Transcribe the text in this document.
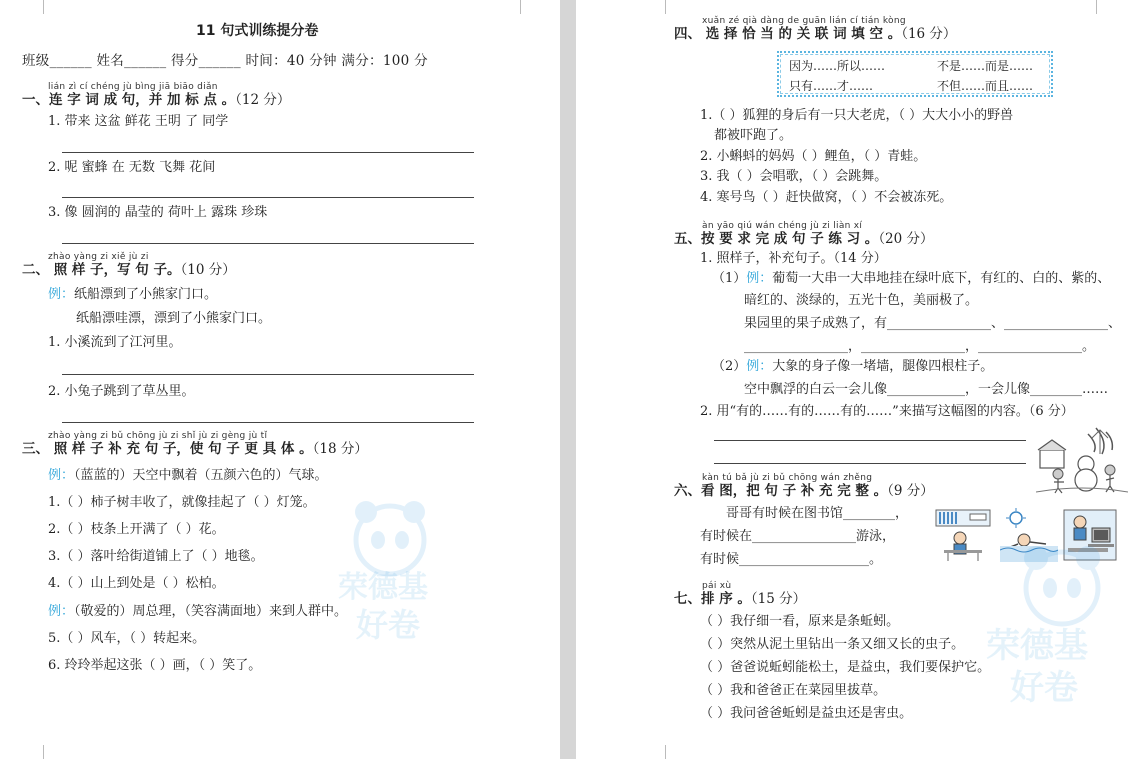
11 句式训练提分卷
班级______ 姓名______ 得分______ 时间：40 分钟 满分：100 分
lián zì cí chéng jù bìng jiā biāo diǎn
一、连 字 词 成 句，并 加 标 点 。（12 分）
1. 带来 这盆 鲜花 王明 了 同学
2. 呢 蜜蜂 在 无数 飞舞 花间
3. 像 圆润的 晶莹的 荷叶上 露珠 珍珠
zhào yàng zi xiě jù zi
二、 照 样 子，写 句 子。（10 分）
例：纸船漂到了小熊家门口。
纸船漂哇漂，漂到了小熊家门口。
1. 小溪流到了江河里。
2. 小兔子跳到了草丛里。
zhào yàng zi bǔ chōng jù zi shǐ jù zi gèng jù tǐ
三、 照 样 子 补 充 句 子，使 句 子 更 具 体 。（18 分）
例：（蓝蓝的）天空中飘着（五颜六色的）气球。
1.（ ）柿子树丰收了，就像挂起了（ ）灯笼。
2.（ ）枝条上开满了（ ）花。
3.（ ）落叶给街道铺上了（ ）地毯。
4.（ ）山上到处是（ ）松柏。
例：（敬爱的）周总理，（笑容满面地）来到人群中。
5.（ ）风车，（ ）转起来。
6. 玲玲举起这张（ ）画，（ ）笑了。
荣德基
好卷
xuǎn zé qià dàng de guān lián cí tián kòng
四、 选 择 恰 当 的 关 联 词 填 空 。（16 分）
因为……所以……	不是……而是……
只有……才……	不但……而且……
1.（ ）狐狸的身后有一只大老虎，（ ）大大小小的野兽
都被吓跑了。
2. 小蝌蚪的妈妈（ ）鲤鱼，（ ）青蛙。
3. 我（ ）会唱歌，（ ）会跳舞。
4. 寒号鸟（ ）赶快做窝，（ ）不会被冻死。
àn yāo qiú wán chéng jù zi liàn xí
五、按 要 求 完 成 句 子 练 习 。（20 分）
1. 照样子，补充句子。（14 分）
（1）例：葡萄一大串一大串地挂在绿叶底下，有红的、白的、紫的、
暗红的、淡绿的，五光十色，美丽极了。
果园里的果子成熟了，有________________、________________、
________________，________________，________________。
（2）例：大象的身子像一堵墙，腿像四根柱子。
空中飘浮的白云一会儿像____________，一会儿像________……
2. 用“有的……有的……有的……”来描写这幅图的内容。（6 分）
kàn tú bǎ jù zi bǔ chōng wán zhěng
六、看 图，把 句 子 补 充 完 整 。（9 分）
哥哥有时候在图书馆________，
有时候在________________游泳，
有时候____________________。
pái xù
七、排 序 。（15 分）
（ ）我仔细一看，原来是条蚯蚓。
（ ）突然从泥土里钻出一条又细又长的虫子。
（ ）爸爸说蚯蚓能松土，是益虫，我们要保护它。
（ ）我和爸爸正在菜园里拔草。
（ ）我问爸爸蚯蚓是益虫还是害虫。
荣德基
好卷
